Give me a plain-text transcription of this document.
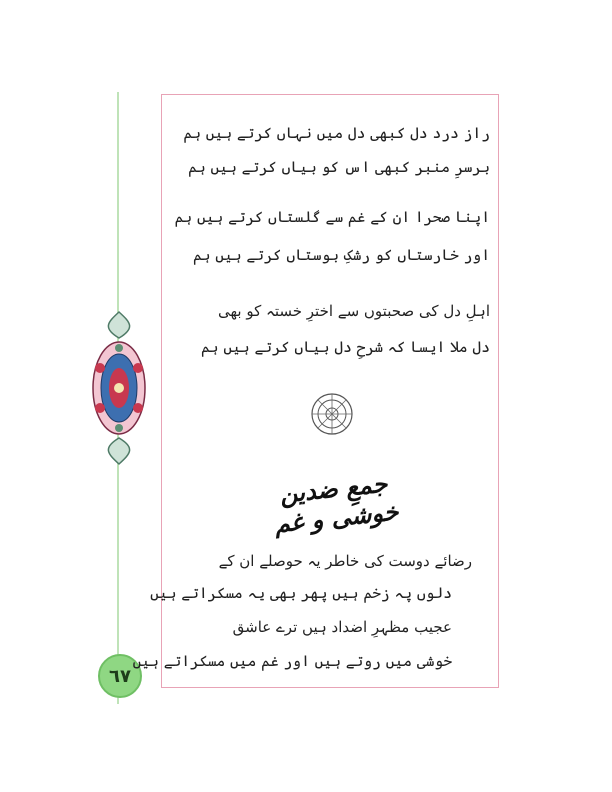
٦٧
راز درد دل کبھی دل میں نہاں کرتے ہیں ہم
برسرِ منبر کبھی اس کو بیاں کرتے ہیں ہم
اپنا صحرا ان کے غم سے گلستاں کرتے ہیں ہم
اور خارستاں کو رشکِ بوستاں کرتے ہیں ہم
اہلِ دل کی صحبتوں سے اخترِ خستہ کو بھی
دل ملا ایسا کہ شرحِ دل بیاں کرتے ہیں ہم
جمعِ ضدین خوشی و غم
رضائے دوست کی خاطر یہ حوصلے ان کے
دلوں پہ زخم ہیں پھر بھی یہ مسکراتے ہیں
عجیب مظہرِ اضداد ہیں ترے عاشق
خوشی میں روتے ہیں اور غم میں مسکراتے ہیں
